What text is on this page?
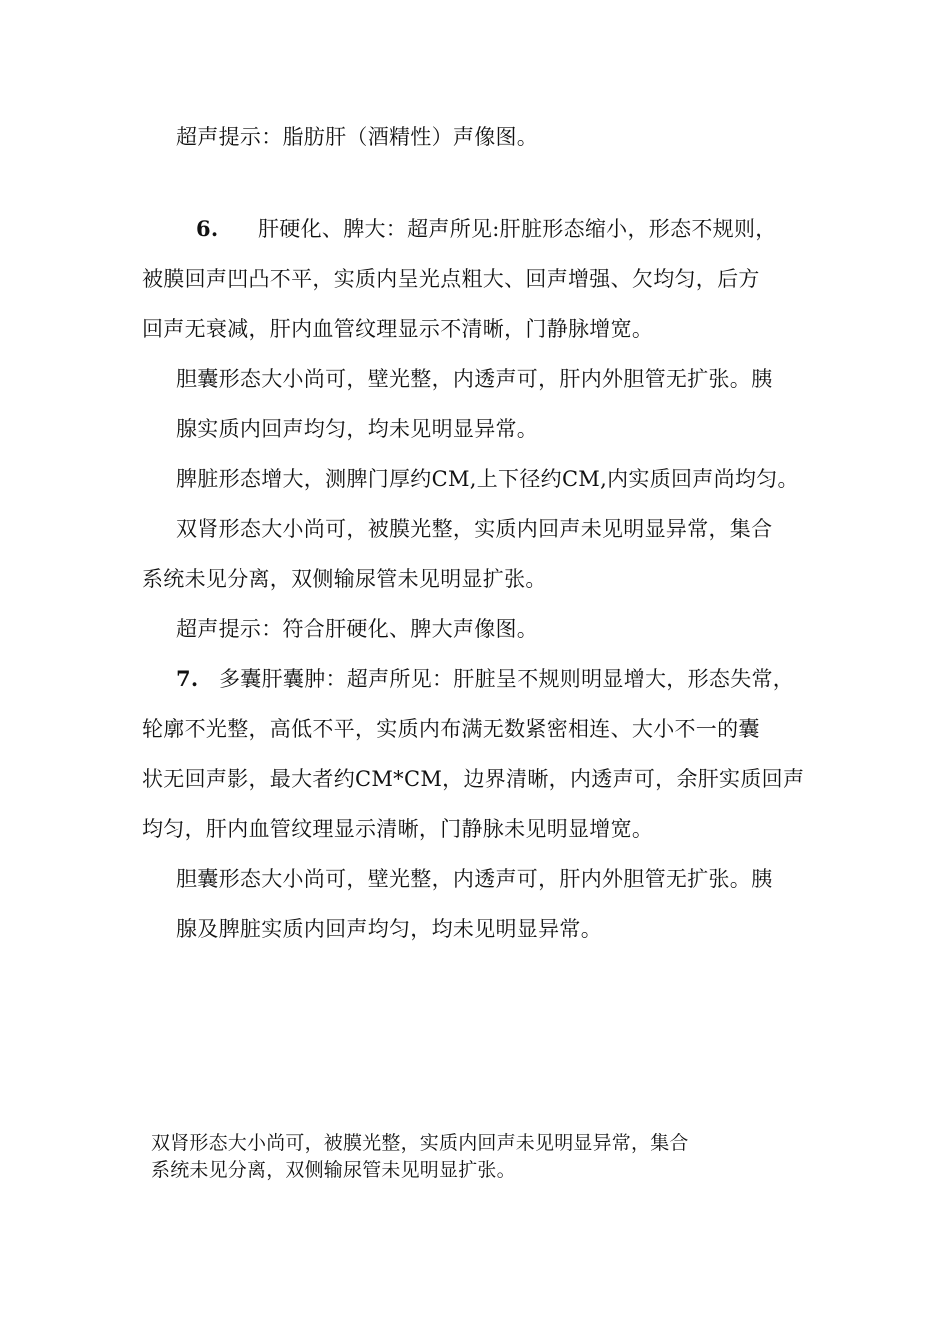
超声提示：脂肪肝（酒精性）声像图。
6. 肝硬化、脾大：超声所见:肝脏形态缩小，形态不规则，
被膜回声凹凸不平，实质内呈光点粗大、回声增强、欠均匀，后方
回声无衰减，肝内血管纹理显示不清晰，门静脉增宽。
胆囊形态大小尚可，壁光整，内透声可，肝内外胆管无扩张。胰
腺实质内回声均匀，均未见明显异常。
脾脏形态增大，测脾门厚约CM,上下径约CM,内实质回声尚均匀。
双肾形态大小尚可，被膜光整，实质内回声未见明显异常，集合
系统未见分离，双侧输尿管未见明显扩张。
超声提示：符合肝硬化、脾大声像图。
7. 多囊肝囊肿：超声所见：肝脏呈不规则明显增大，形态失常，
轮廓不光整，高低不平，实质内布满无数紧密相连、大小不一的囊
状无回声影，最大者约CM*CM，边界清晰，内透声可，余肝实质回声
均匀，肝内血管纹理显示清晰，门静脉未见明显增宽。
胆囊形态大小尚可，壁光整，内透声可，肝内外胆管无扩张。胰
腺及脾脏实质内回声均匀，均未见明显异常。
双肾形态大小尚可，被膜光整，实质内回声未见明显异常，集合
系统未见分离，双侧输尿管未见明显扩张。
